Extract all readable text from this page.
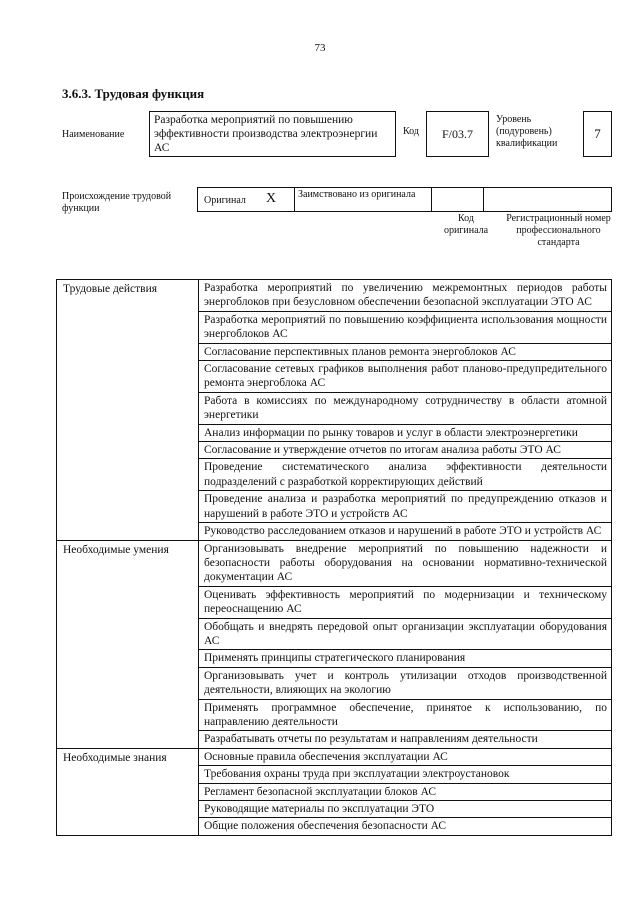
73
3.6.3. Трудовая функция
Наименование
Разработка мероприятий по повышению эффективности производства электроэнергии АС
Код	F/03.7
Уровень (подуровень) квалификации
7
Происхождение трудовой функции
Оригинал X	Заимствовано из оригинала
Код оригинала
Регистрационный номер профессионального стандарта
Трудовые действия	Разработка мероприятий по увеличению межремонтных периодов работы энергоблоков при безусловном обеспечении безопасной эксплуатации ЭТО АС
	Разработка мероприятий по повышению коэффициента использования мощности энергоблоков АС
	Согласование перспективных планов ремонта энергоблоков АС
	Согласование сетевых графиков выполнения работ планово-предупредительного ремонта энергоблока АС
	Работа в комиссиях по международному сотрудничеству в области атомной энергетики
	Анализ информации по рынку товаров и услуг в области электроэнергетики
	Согласование и утверждение отчетов по итогам анализа работы ЭТО АС
	Проведение систематического анализа эффективности деятельности подразделений с разработкой корректирующих действий
	Проведение анализа и разработка мероприятий по предупреждению отказов и нарушений в работе ЭТО и устройств АС
	Руководство расследованием отказов и нарушений в работе ЭТО и устройств АС
Необходимые умения	Организовывать внедрение мероприятий по повышению надежности и безопасности работы оборудования на основании нормативно-технической документации АС
	Оценивать эффективность мероприятий по модернизации и техническому переоснащению АС
	Обобщать и внедрять передовой опыт организации эксплуатации оборудования АС
	Применять принципы стратегического планирования
	Организовывать учет и контроль утилизации отходов производственной деятельности, влияющих на экологию
	Применять программное обеспечение, принятое к использованию, по направлению деятельности
	Разрабатывать отчеты по результатам и направлениям деятельности
Необходимые знания	Основные правила обеспечения эксплуатации АС
	Требования охраны труда при эксплуатации электроустановок
	Регламент безопасной эксплуатации блоков АС
	Руководящие материалы по эксплуатации ЭТО
	Общие положения обеспечения безопасности АС
